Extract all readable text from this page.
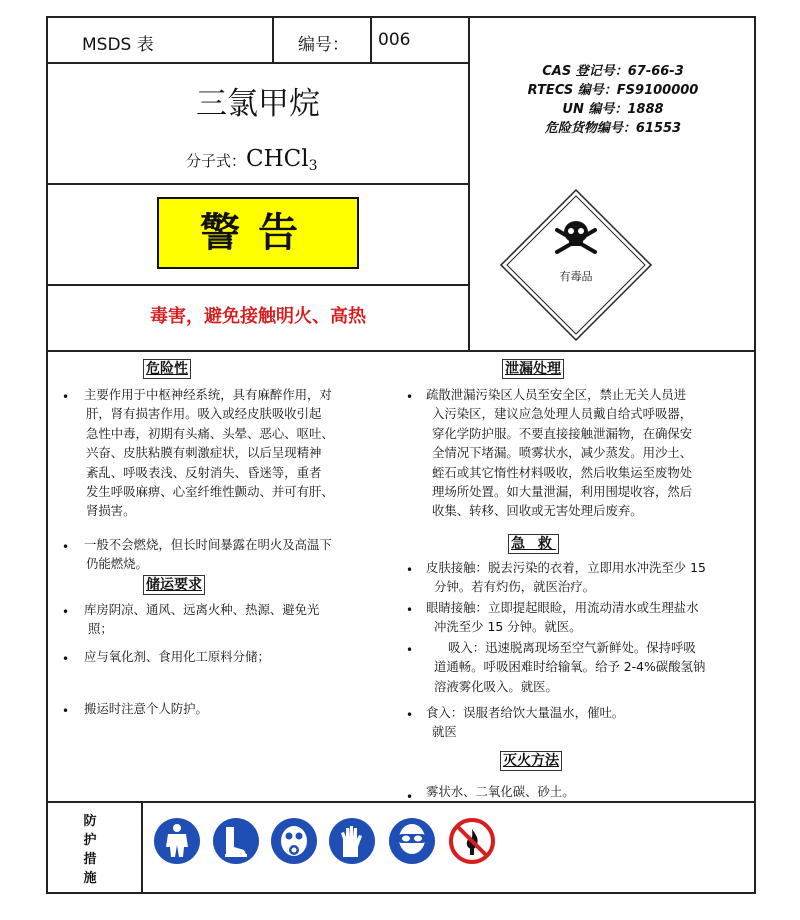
MSDS 表	编号： 006
CAS 登记号：67-66-3
RTECS 编号：FS9100000
UN 编号：1888
危险货物编号：61553
三氯甲烷
分子式：CHCl$_3$
警告
毒害，避免接触明火、高热
有毒品
危险性
• 主要作用于中枢神经系统，具有麻醉作用，对
肝，肾有损害作用。吸入或经皮肤吸收引起
急性中毒，初期有头痛、头晕、恶心、呕吐、
兴奋、皮肤粘膜有刺激症状，以后呈现精神
紊乱、呼吸表浅、反射消失、昏迷等，重者
发生呼吸麻痹、心室纤维性颤动、并可有肝、
肾损害。
• 一般不会燃烧，但长时间暴露在明火及高温下
仍能燃烧。
储运要求
• 库房阴凉、通风、远离火种、热源、避免光
照；
• 应与氧化剂、食用化工原料分储；
• 搬运时注意个人防护。
泄漏处理
• 疏散泄漏污染区人员至安全区，禁止无关人员进
入污染区，建议应急处理人员戴自给式呼吸器，
穿化学防护服。不要直接接触泄漏物，在确保安
全情况下堵漏。喷雾状水，减少蒸发。用沙土、
蛭石或其它惰性材料吸收，然后收集运至废物处
理场所处置。如大量泄漏，利用围堤收容，然后
收集、转移、回收或无害处理后废弃。
急 救
• 皮肤接触：脱去污染的衣着，立即用水冲洗至少 15
分钟。若有灼伤，就医治疗。
• 眼睛接触：立即提起眼睑，用流动清水或生理盐水
冲洗至少 15 分钟。就医。
•	吸入：迅速脱离现场至空气新鲜处。保持呼吸
道通畅。呼吸困难时给输氧。给予 2-4%碳酸氢钠
溶液雾化吸入。就医。
• 食入：误服者给饮大量温水，催吐。
就医
灭火方法
• 雾状水、二氧化碳、砂土。
防
护
措
施
